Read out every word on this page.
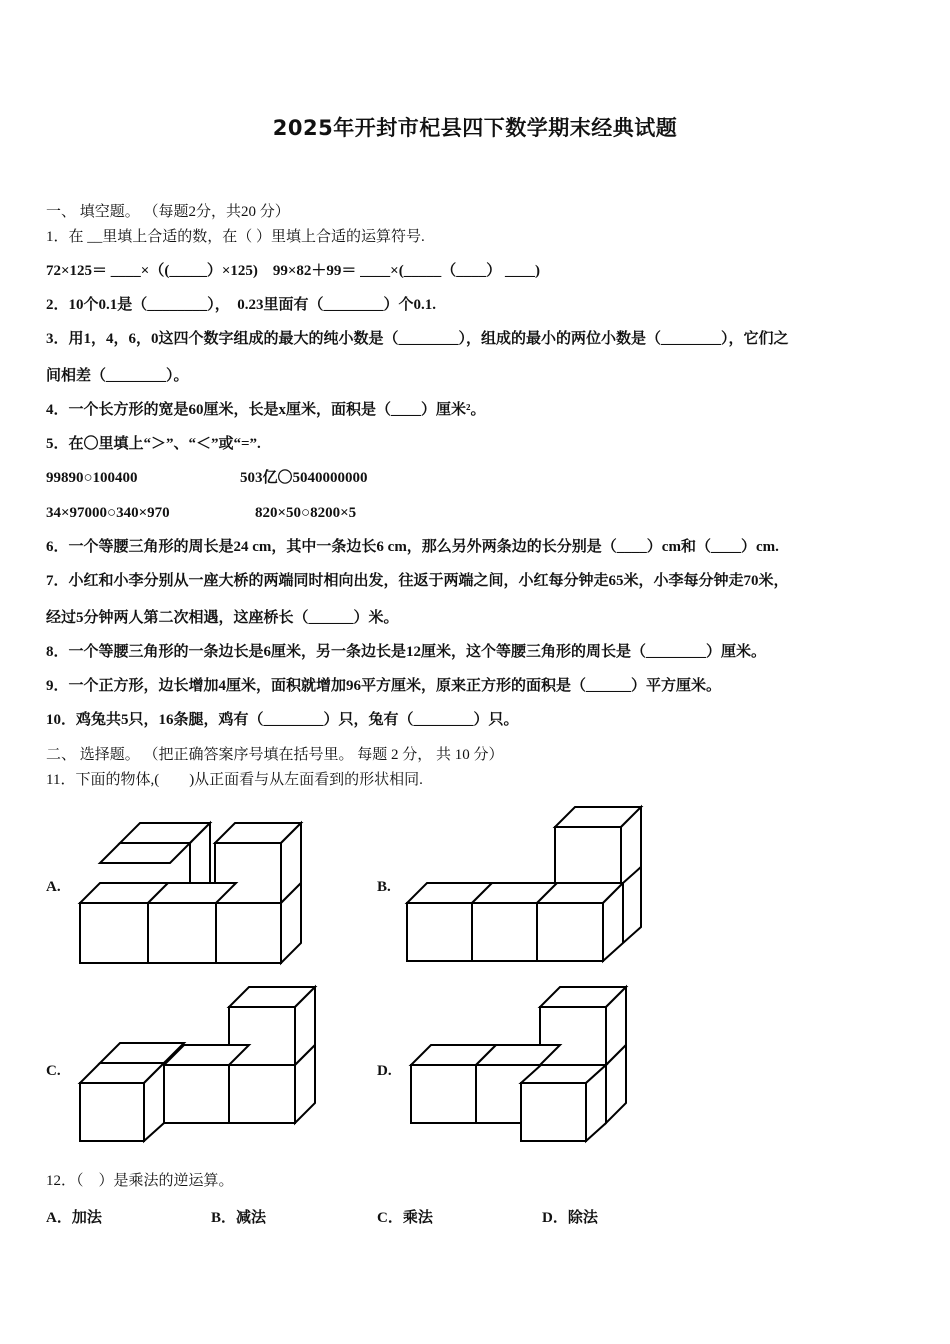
2025年开封市杞县四下数学期末经典试题
一、 填空题。 （每题2分，共20 分）
1．在 __里填上合适的数，在（ ）里填上合适的运算符号.
72×125＝ ____×（(_____）×125)　99×82＋99＝ ____×(_____（____） ____)
2．10个0.1是（________），　0.23里面有（________）个0.1.
3．用1，4，6，0这四个数字组成的最大的纯小数是（________），组成的最小的两位小数是（________），它们之
间相差（________）。
4．一个长方形的宽是60厘米，长是x厘米，面积是（____）厘米²。
5．在〇里填上“＞”、“＜”或“=”.
99890○100400	503亿〇5040000000
34×97000○340×970	820×50○8200×5
6．一个等腰三角形的周长是24 cm，其中一条边长6 cm，那么另外两条边的长分别是（____）cm和（____）cm.
7．小红和小李分别从一座大桥的两端同时相向出发，往返于两端之间，小红每分钟走65米，小李每分钟走70米，
经过5分钟两人第二次相遇，这座桥长（______）米。
8．一个等腰三角形的一条边长是6厘米，另一条边长是12厘米，这个等腰三角形的周长是（________）厘米。
9．一个正方形，边长增加4厘米，面积就增加96平方厘米，原来正方形的面积是（______）平方厘米。
10．鸡兔共5只，16条腿，鸡有（________）只，兔有（________）只。
二、 选择题。 （把正确答案序号填在括号里。 每题 2 分， 共 10 分）
11．下面的物体,(　　)从正面看与从左面看到的形状相同.
A.	B.
C.	D.
12．（　）是乘法的逆运算。
A．加法	B．减法	C．乘法	D．除法
